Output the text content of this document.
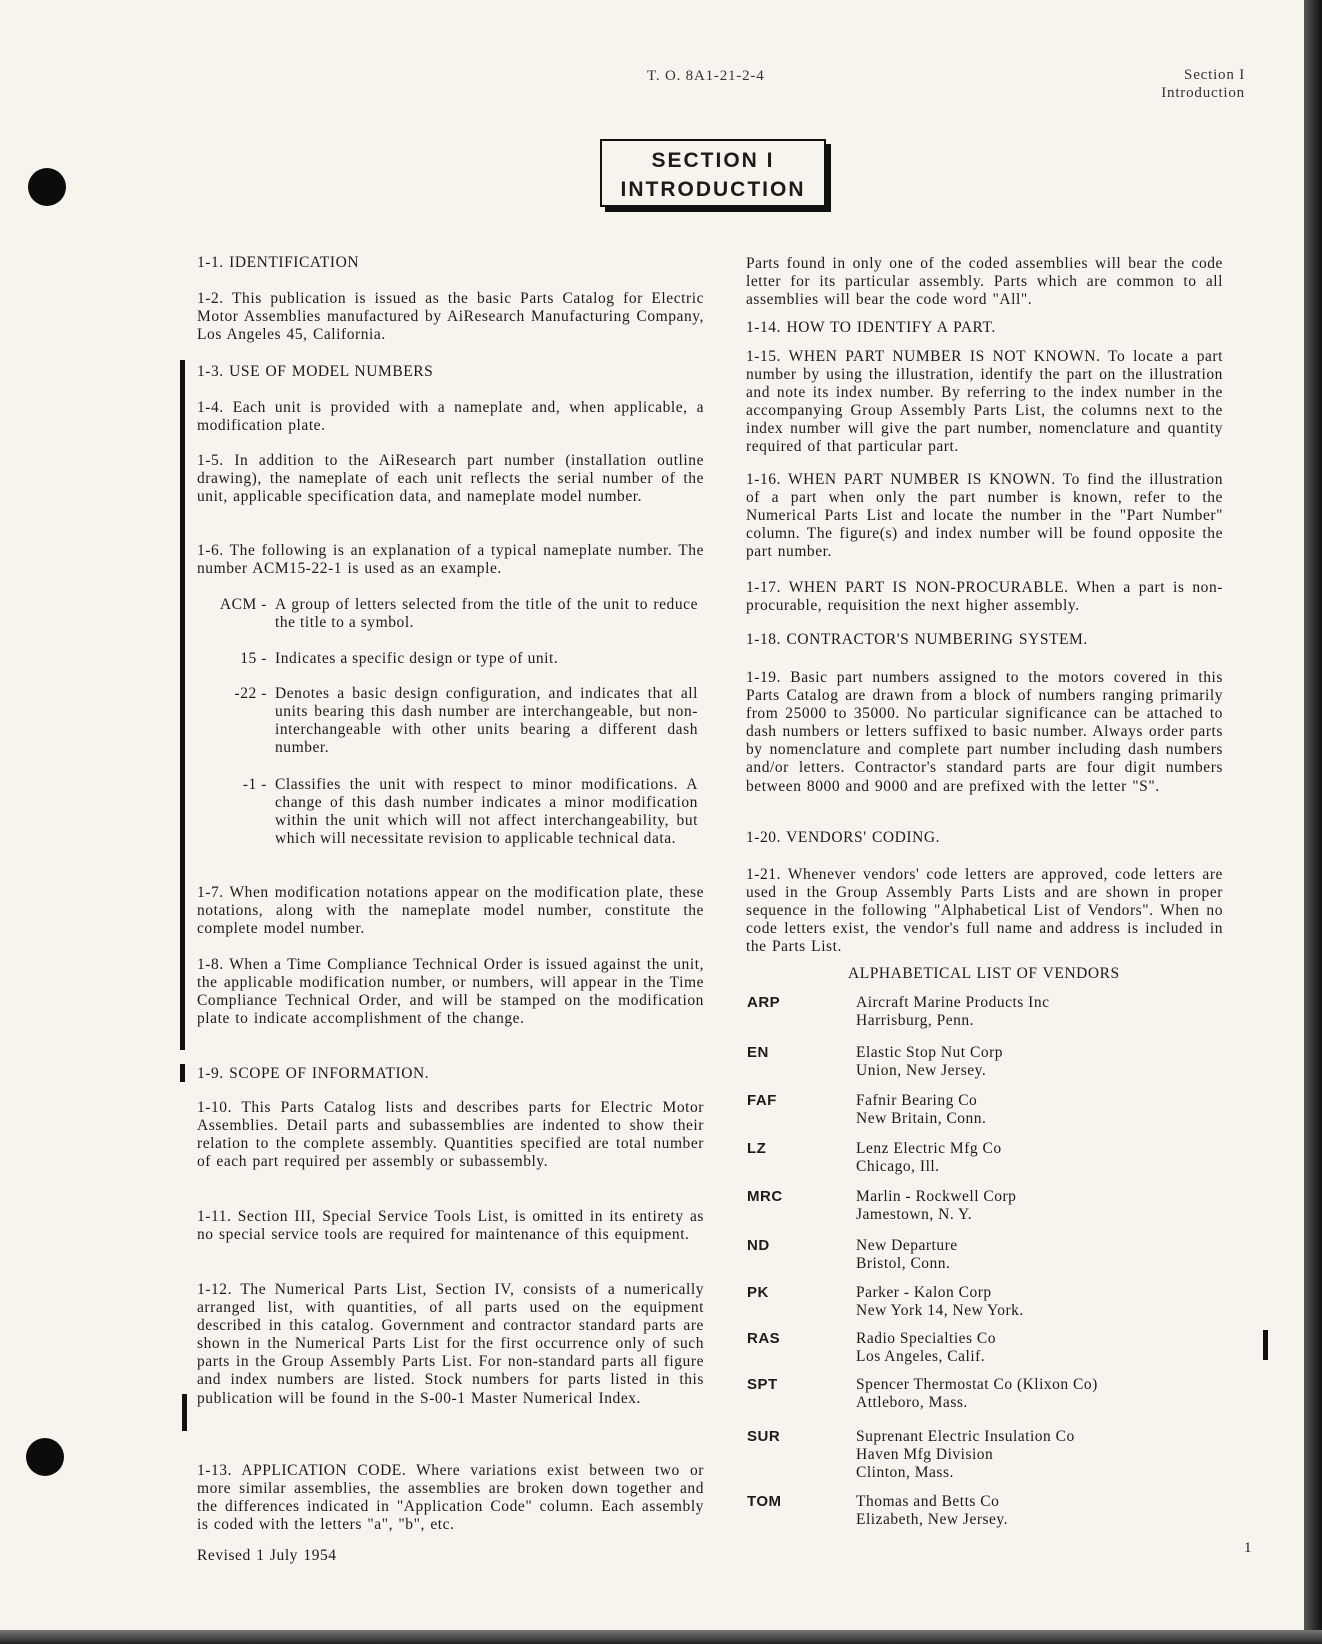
T. O. 8A1-21-2-4	Section I
Introduction
SECTION I
INTRODUCTION
1-1. IDENTIFICATION
1-2. This publication is issued as the basic Parts Catalog for Electric Motor Assemblies manufactured by AiResearch Manufacturing Company, Los Angeles 45, California.
1-3. USE OF MODEL NUMBERS
1-4. Each unit is provided with a nameplate and, when applicable, a modification plate.
1-5. In addition to the AiResearch part number (installation outline drawing), the nameplate of each unit reflects the serial number of the unit, applicable specification data, and nameplate model number.
1-6. The following is an explanation of a typical nameplate number. The number ACM15-22-1 is used as an example.
ACM - A group of letters selected from the title of the unit to reduce the title to a symbol.
15 - Indicates a specific design or type of unit.
-22 - Denotes a basic design configuration, and indicates that all units bearing this dash number are interchangeable, but non-interchangeable with other units bearing a different dash number.
-1 - Classifies the unit with respect to minor modifications. A change of this dash number indicates a minor modification within the unit which will not affect interchangeability, but which will necessitate revision to applicable technical data.
1-7. When modification notations appear on the modification plate, these notations, along with the nameplate model number, constitute the complete model number.
1-8. When a Time Compliance Technical Order is issued against the unit, the applicable modification number, or numbers, will appear in the Time Compliance Technical Order, and will be stamped on the modification plate to indicate accomplishment of the change.
1-9. SCOPE OF INFORMATION.
1-10. This Parts Catalog lists and describes parts for Electric Motor Assemblies. Detail parts and subassemblies are indented to show their relation to the complete assembly. Quantities specified are total number of each part required per assembly or subassembly.
1-11. Section III, Special Service Tools List, is omitted in its entirety as no special service tools are required for maintenance of this equipment.
1-12. The Numerical Parts List, Section IV, consists of a numerically arranged list, with quantities, of all parts used on the equipment described in this catalog. Government and contractor standard parts are shown in the Numerical Parts List for the first occurrence only of such parts in the Group Assembly Parts List. For non-standard parts all figure and index numbers are listed. Stock numbers for parts listed in this publication will be found in the S-00-1 Master Numerical Index.
1-13. APPLICATION CODE. Where variations exist between two or more similar assemblies, the assemblies are broken down together and the differences indicated in "Application Code" column. Each assembly is coded with the letters "a", "b", etc.
Revised 1 July 1954
Parts found in only one of the coded assemblies will bear the code letter for its particular assembly. Parts which are common to all assemblies will bear the code word "All".
1-14. HOW TO IDENTIFY A PART.
1-15. WHEN PART NUMBER IS NOT KNOWN. To locate a part number by using the illustration, identify the part on the illustration and note its index number. By referring to the index number in the accompanying Group Assembly Parts List, the columns next to the index number will give the part number, nomenclature and quantity required of that particular part.
1-16. WHEN PART NUMBER IS KNOWN. To find the illustration of a part when only the part number is known, refer to the Numerical Parts List and locate the number in the "Part Number" column. The figure(s) and index number will be found opposite the part number.
1-17. WHEN PART IS NON-PROCURABLE. When a part is non-procurable, requisition the next higher assembly.
1-18. CONTRACTOR'S NUMBERING SYSTEM.
1-19. Basic part numbers assigned to the motors covered in this Parts Catalog are drawn from a block of numbers ranging primarily from 25000 to 35000. No particular significance can be attached to dash numbers or letters suffixed to basic number. Always order parts by nomenclature and complete part number including dash numbers and/or letters. Contractor's standard parts are four digit numbers between 8000 and 9000 and are prefixed with the letter "S".
1-20. VENDORS' CODING.
1-21. Whenever vendors' code letters are approved, code letters are used in the Group Assembly Parts Lists and are shown in proper sequence in the following "Alphabetical List of Vendors". When no code letters exist, the vendor's full name and address is included in the Parts List.
ALPHABETICAL LIST OF VENDORS
ARP	Aircraft Marine Products Inc
Harrisburg, Penn.
EN	Elastic Stop Nut Corp
Union, New Jersey.
FAF	Fafnir Bearing Co
New Britain, Conn.
LZ	Lenz Electric Mfg Co
Chicago, Ill.
MRC	Marlin - Rockwell Corp
Jamestown, N. Y.
ND	New Departure
Bristol, Conn.
PK	Parker - Kalon Corp
New York 14, New York.
RAS	Radio Specialties Co
Los Angeles, Calif.
SPT	Spencer Thermostat Co (Klixon Co)
Attleboro, Mass.
SUR	Suprenant Electric Insulation Co
Haven Mfg Division
Clinton, Mass.
TOM	Thomas and Betts Co
Elizabeth, New Jersey.
1
